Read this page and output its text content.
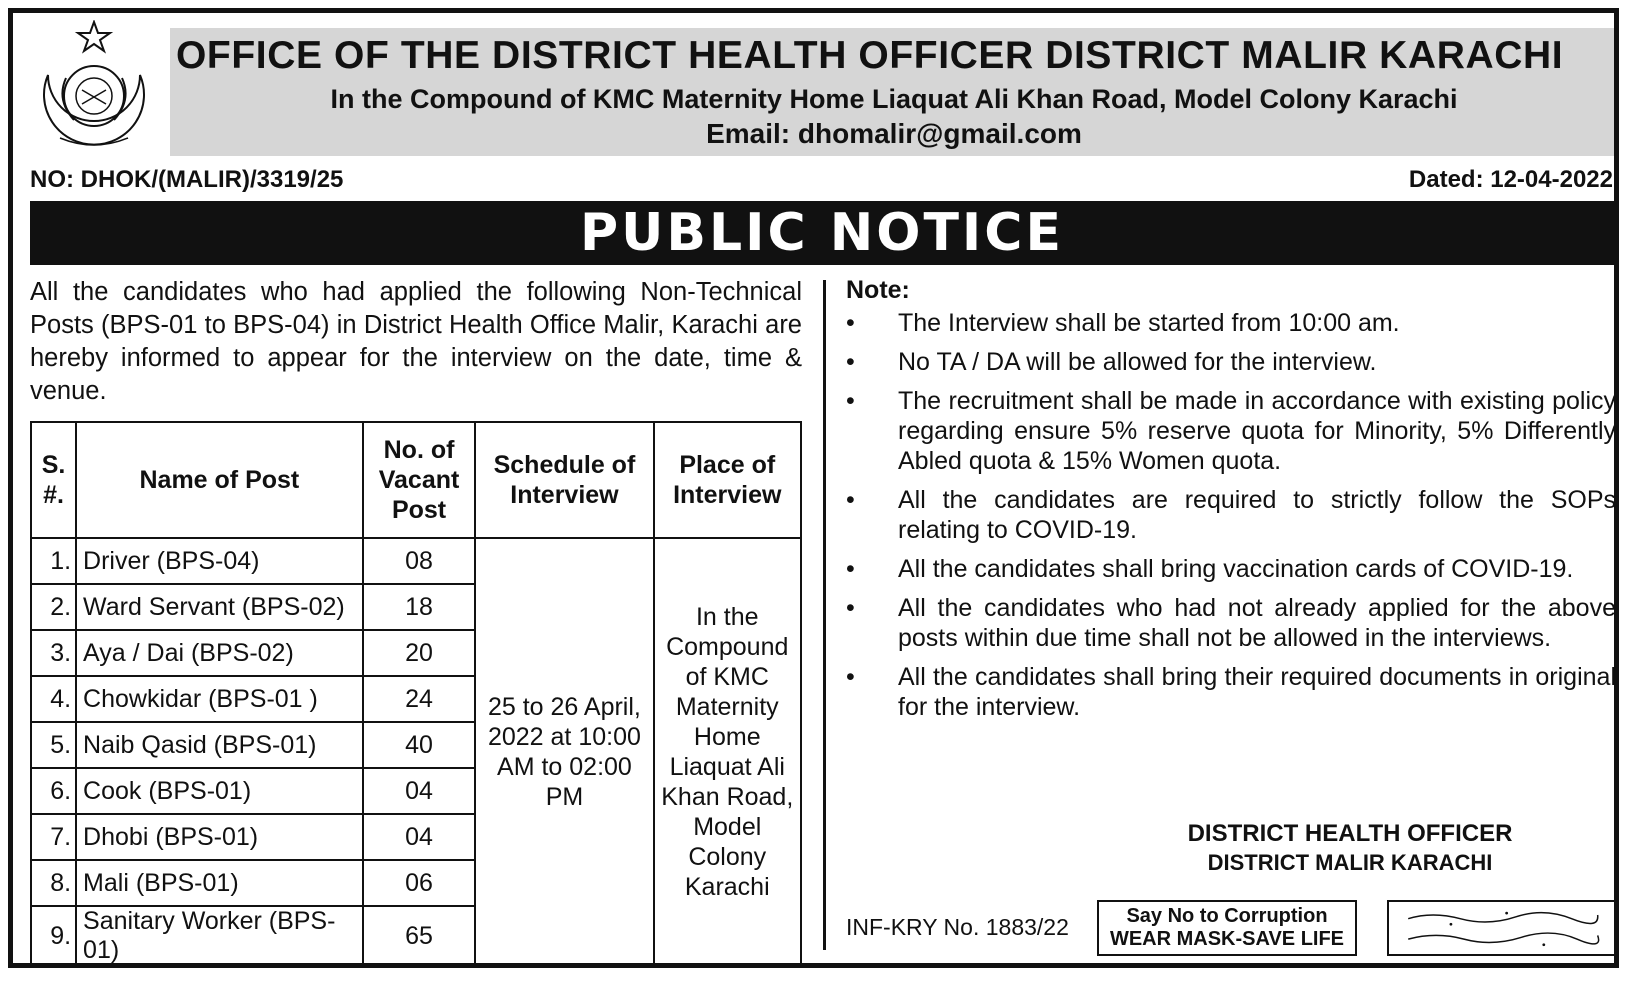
OFFICE OF THE DISTRICT HEALTH OFFICER DISTRICT MALIR KARACHI
In the Compound of KMC Maternity Home Liaquat Ali Khan Road, Model Colony Karachi
Email: dhomalir@gmail.com
NO: DHOK/(MALIR)/3319/25	Dated: 12-04-2022
PUBLIC NOTICE
All the candidates who had applied the following Non-Technical Posts (BPS-01 to BPS-04) in District Health Office Malir, Karachi are hereby informed to appear for the interview on the date, time & venue.
S. #.	Name of Post	No. of Vacant Post	Schedule of Interview	Place of Interview
1.	Driver (BPS-04)	08	25 to 26 April, 2022 at 10:00 AM to 02:00 PM	In the Compound of KMC Maternity Home Liaquat Ali Khan Road, Model Colony Karachi
2.	Ward Servant (BPS-02)	18		
3.	Aya / Dai (BPS-02)	20		
4.	Chowkidar (BPS-01 )	24		
5.	Naib Qasid (BPS-01)	40		
6.	Cook (BPS-01)	04		
7.	Dhobi (BPS-01)	04		
8.	Mali (BPS-01)	06		
9.	Sanitary Worker (BPS-01)	65		
Note:
•	The Interview shall be started from 10:00 am.
•	No TA / DA will be allowed for the interview.
•	The recruitment shall be made in accordance with existing policy regarding ensure 5% reserve quota for Minority, 5% Differently Abled quota & 15% Women quota.
•	All the candidates are required to strictly follow the SOPs relating to COVID-19.
•	All the candidates shall bring vaccination cards of COVID-19.
•	All the candidates who had not already applied for the above posts within due time shall not be allowed in the interviews.
•	All the candidates shall bring their required documents in original for the interview.
DISTRICT HEALTH OFFICER
DISTRICT MALIR KARACHI
INF-KRY No. 1883/22	Say No to Corruption
WEAR MASK-SAVE LIFE
